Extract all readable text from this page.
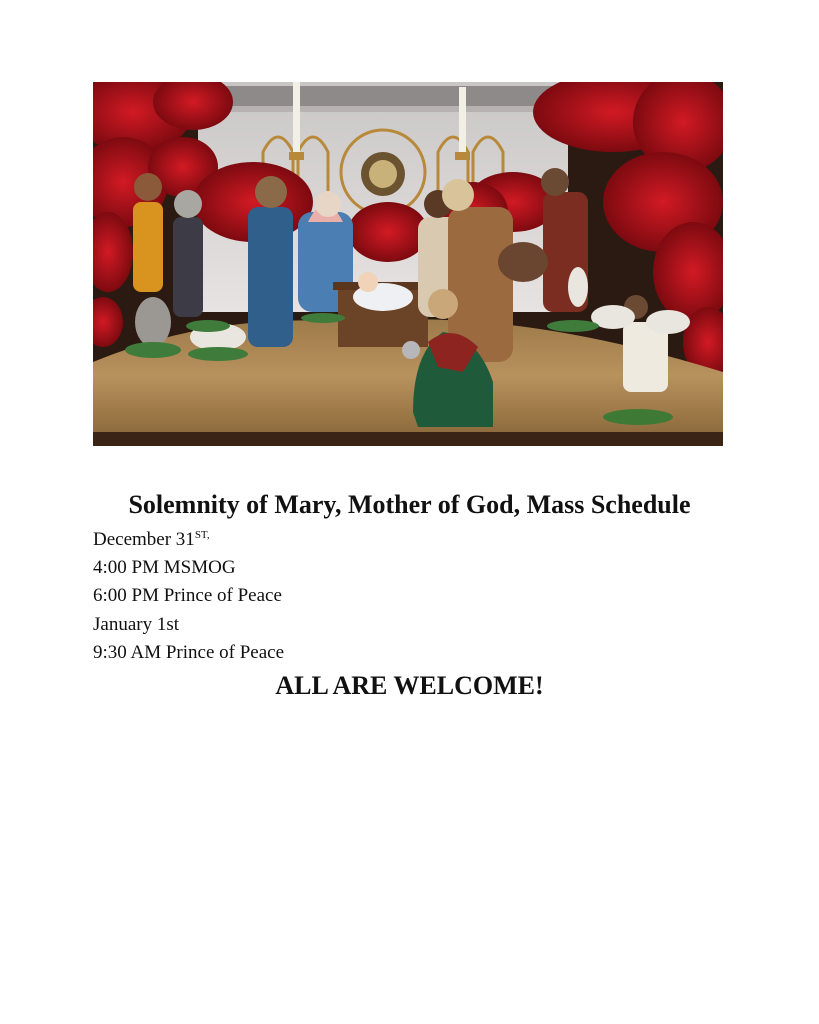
Solemnity of Mary, Mother of God, Mass Schedule
December $31^{ST,}$
4:00 PM MSMOG
6:00 PM Prince of Peace
January 1st
9:30 AM Prince of Peace
ALL ARE WELCOME!
